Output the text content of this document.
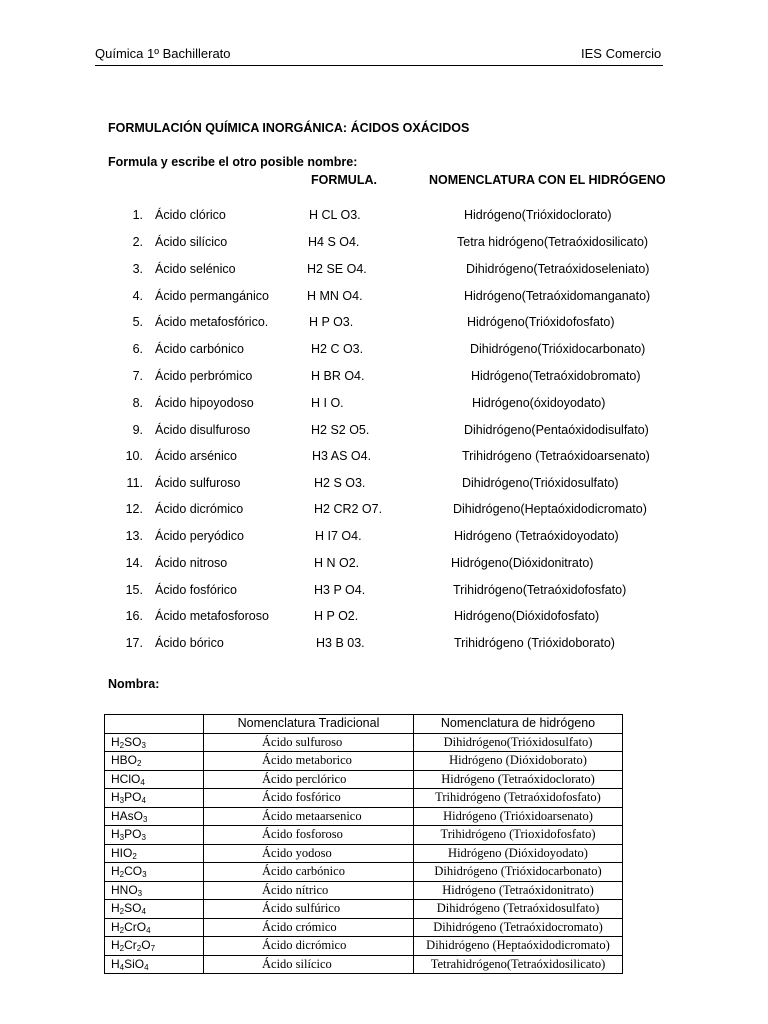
Química 1º Bachillerato	IES Comercio
FORMULACIÓN QUÍMICA INORGÁNICA: ÁCIDOS OXÁCIDOS
Formula y escribe el otro posible nombre:
FORMULA.	NOMENCLATURA CON EL HIDRÓGENO
1. Ácido clórico	H CL O3.	Hidrógeno(Trióxidoclorato)
2. Ácido silícico	H4 S O4.	Tetra hidrógeno(Tetraóxidosilicato)
3. Ácido selénico	H2 SE O4.	Dihidrógeno(Tetraóxidoseleniato)
4. Ácido permangánico	H MN O4.	Hidrógeno(Tetraóxidomanganato)
5. Ácido metafosfórico.	H P O3.	Hidrógeno(Trióxidofosfato)
6. Ácido carbónico	H2 C O3.	Dihidrógeno(Trióxidocarbonato)
7. Ácido perbrómico	H BR O4.	Hidrógeno(Tetraóxidobromato)
8. Ácido hipoyodoso	H I O.	Hidrógeno(óxidoyodato)
9. Ácido disulfuroso	H2 S2 O5.	Dihidrógeno(Pentaóxidodisulfato)
10. Ácido arsénico	H3 AS O4.	Trihidrógeno (Tetraóxidoarsenato)
11. Ácido sulfuroso	H2 S O3.	Dihidrógeno(Trióxidosulfato)
12. Ácido dicrómico	H2 CR2 O7.	Dihidrógeno(Heptaóxidodicromato)
13. Ácido peryódico	H I7 O4.	Hidrógeno (Tetraóxidoyodato)
14. Ácido nitroso	H N O2.	Hidrógeno(Dióxidonitrato)
15. Ácido fosfórico	H3 P O4.	Trihidrógeno(Tetraóxidofosfato)
16. Ácido metafosforoso	H P O2.	Hidrógeno(Dióxidofosfato)
17. Ácido bórico	H3 B 03.	Trihidrógeno (Trióxidoborato)
Nombra:
	Nomenclatura Tradicional	Nomenclatura de hidrógeno
$H_2SO_3$	Ácido sulfuroso	Dihidrógeno(Trióxidosulfato)
$HBO_2$	Ácido metaborico	Hidrógeno (Dióxidoborato)
HClO$_4$	Ácido perclórico	Hidrógeno (Tetraóxidoclorato)
$H_3PO_4$	Ácido fosfórico	Trihidrógeno (Tetraóxidofosfato)
HAsO$_3$	Ácido metaarsenico	Hidrógeno (Trióxidoarsenato)
$H_3PO_3$	Ácido fosforoso	Trihidrógeno (Trioxidofosfato)
$HIO_2$	Ácido yodoso	Hidrógeno (Dióxidoyodato)
$H_2CO_3$	Ácido carbónico	Dihidrógeno (Trióxidocarbonato)
$HNO_3$	Ácido nítrico	Hidrógeno (Tetraóxidonitrato)
$H_2SO_4$	Ácido sulfúrico	Dihidrógeno (Tetraóxidosulfato)
$H_2CrO_4$	Ácido crómico	Dihidrógeno (Tetraóxidocromato)
$H_2Cr_2O_7$	Ácido dicrómico	Dihidrógeno (Heptaóxidodicromato)
$H_4SiO_4$	Ácido silícico	Tetrahidrógeno(Tetraóxidosilicato)
